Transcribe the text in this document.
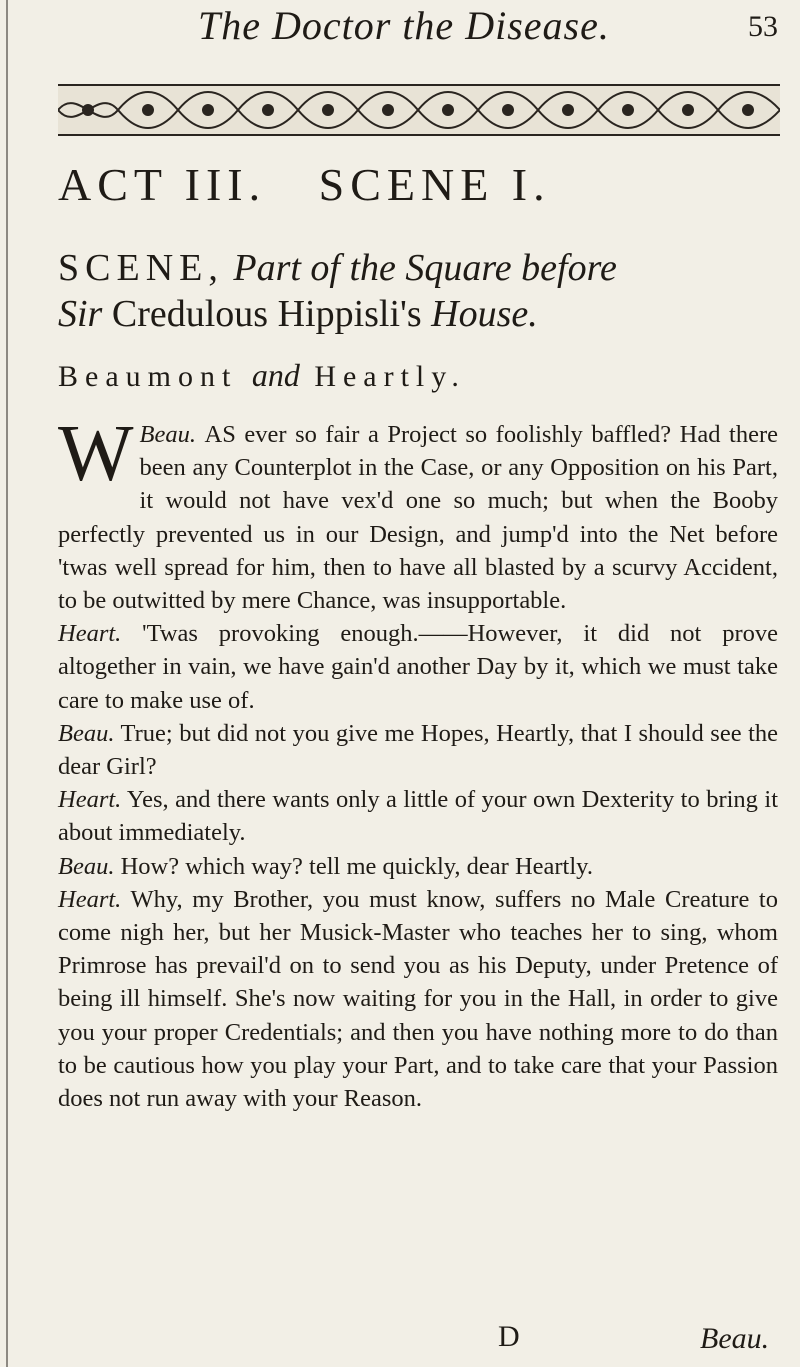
The Doctor the Disease.	53
ACT III.   SCENE I.
SCENE, Part of the Square before
Sir Credulous Hippisli's House.
Beaumont and Heartly.

Beau.
W	AS ever so fair a Project so foolishly baffled? Had there been any Counterplot in the Case, or any Opposition on his Part, it would not have vex'd one so much; but when the Booby perfectly prevented us in our Design, and jump'd into the Net before 'twas well spread for him, then to have all blasted by a scurvy Accident, to be outwitted by mere Chance, was insupportable.

Heart. 'Twas provoking enough.——However, it did not prove altogether in vain, we have gain'd another Day by it, which we must take care to make use of.

Beau. True; but did not you give me Hopes, Heartly, that I should see the dear Girl?

Heart. Yes, and there wants only a little of your own Dexterity to bring it about immediately.

Beau. How? which way? tell me quickly, dear Heartly.

Heart. Why, my Brother, you must know, suffers no Male Creature to come nigh her, but her Musick-Master who teaches her to sing, whom Primrose has prevail'd on to send you as his Deputy, under Pretence of being ill himself. She's now waiting for you in the Hall, in order to give you your proper Credentials; and then you have nothing more to do than to be cautious how you play your Part, and to take care that your Passion does not run away with your Reason.

D	Beau.
